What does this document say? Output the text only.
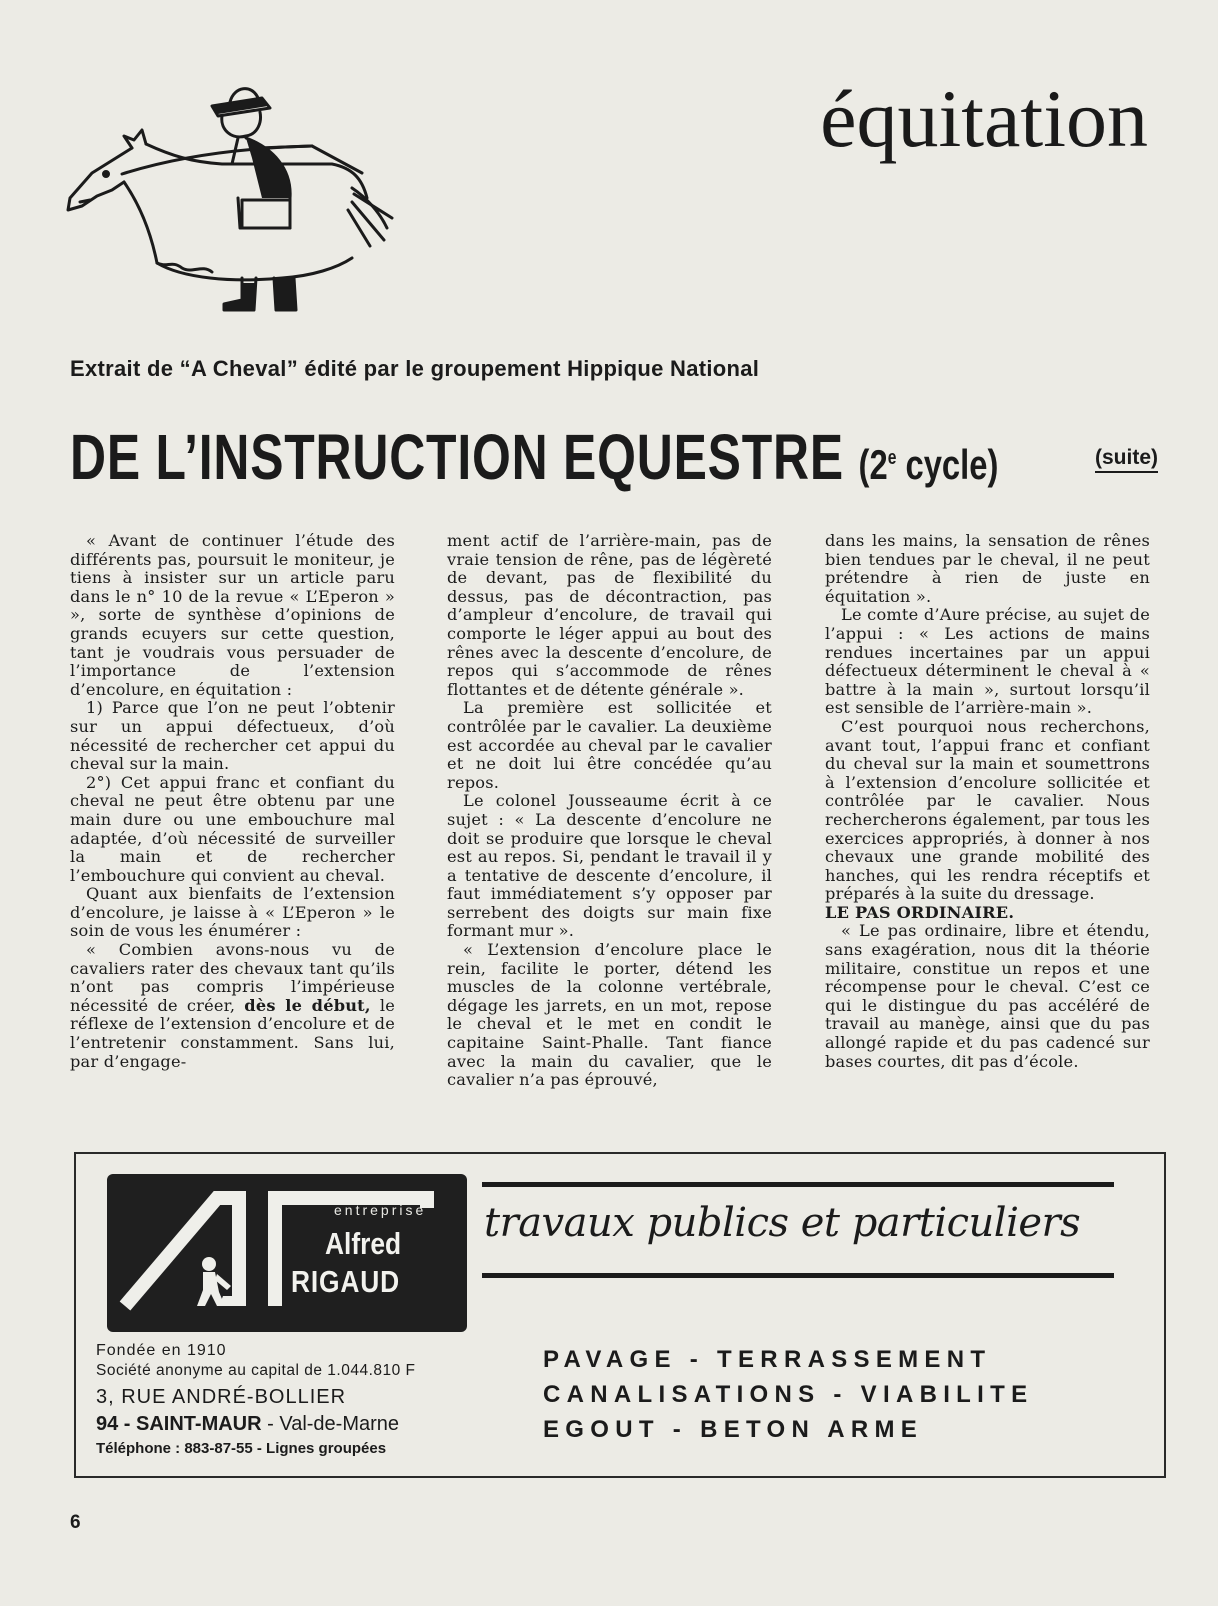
équitation
Extrait de “A Cheval” édité par le groupement Hippique National
DE L’INSTRUCTION EQUESTRE (2e cycle)	(suite)

« Avant de continuer l’étude des différents pas, poursuit le moniteur, je tiens à insister sur un article paru dans le n° 10 de la revue « L’Eperon » », sorte de synthèse d’opinions de grands ecuyers sur cette question, tant je voudrais vous persuader de l’importance de l’extension d’encolure, en équitation :

1) Parce que l’on ne peut l’obtenir sur un appui défectueux, d’où nécessité de rechercher cet appui du cheval sur la main.

2°) Cet appui franc et confiant du cheval ne peut être obtenu par une main dure ou une embouchure mal adaptée, d’où nécessité de surveiller la main et de rechercher l’embouchure qui convient au cheval.

Quant aux bienfaits de l’extension d’encolure, je laisse à « L’Eperon » le soin de vous les énumérer :

« Combien avons-nous vu de cavaliers rater des chevaux tant qu’ils n’ont pas compris l’impérieuse nécessité de créer, dès le début, le réflexe de l’extension d’encolure et de l’entretenir constamment. Sans lui, par d’engage-

ment actif de l’arrière-main, pas de vraie tension de rêne, pas de légèreté de devant, pas de flexibilité du dessus, pas de décontraction, pas d’ampleur d’encolure, de travail qui comporte le léger appui au bout des rênes avec la descente d’encolure, de repos qui s’accommode de rênes flottantes et de détente générale ».

La première est sollicitée et contrôlée par le cavalier. La deuxième est accordée au cheval par le cavalier et ne doit lui être concédée qu’au repos.

Le colonel Jousseaume écrit à ce sujet : « La descente d’encolure ne doit se produire que lorsque le cheval est au repos. Si, pendant le travail il y a tentative de descente d’encolure, il faut immédiatement s’y opposer par serrebent des doigts sur main fixe formant mur ».

« L’extension d’encolure place le rein, facilite le porter, détend les muscles de la colonne vertébrale, dégage les jarrets, en un mot, repose le cheval et le met en condit le capitaine Saint-Phalle. Tant fiance avec la main du cavalier, que le cavalier n’a pas éprouvé,

dans les mains, la sensation de rênes bien tendues par le cheval, il ne peut prétendre à rien de juste en équitation ».

Le comte d’Aure précise, au sujet de l’appui : « Les actions de mains rendues incertaines par un appui défectueux déterminent le cheval à « battre à la main », surtout lorsqu’il est sensible de l’arrière-main ».

C’est pourquoi nous recherchons, avant tout, l’appui franc et confiant du cheval sur la main et soumettrons à l’extension d’encolure sollicitée et contrôlée par le cavalier. Nous rechercherons également, par tous les exercices appropriés, à donner à nos chevaux une grande mobilité des hanches, qui les rendra réceptifs et préparés à la suite du dressage.

LE PAS ORDINAIRE.

« Le pas ordinaire, libre et étendu, sans exagération, nous dit la théorie militaire, constitue un repos et une récompense pour le cheval. C’est ce qui le distingue du pas accéléré de travail au manège, ainsi que du pas allongé rapide et du pas cadencé sur bases courtes, dit pas d’école.

entreprise
Alfred
RIGAUD
travaux publics et particuliers
Fondée en 1910
Société anonyme au capital de 1.044.810 F
3, RUE ANDRÉ-BOLLIER
94 - SAINT-MAUR - Val-de-Marne
Téléphone : 883-87-55 - Lignes groupées
PAVAGE - TERRASSEMENT
CANALISATIONS - VIABILITE
EGOUT - BETON ARME
6
